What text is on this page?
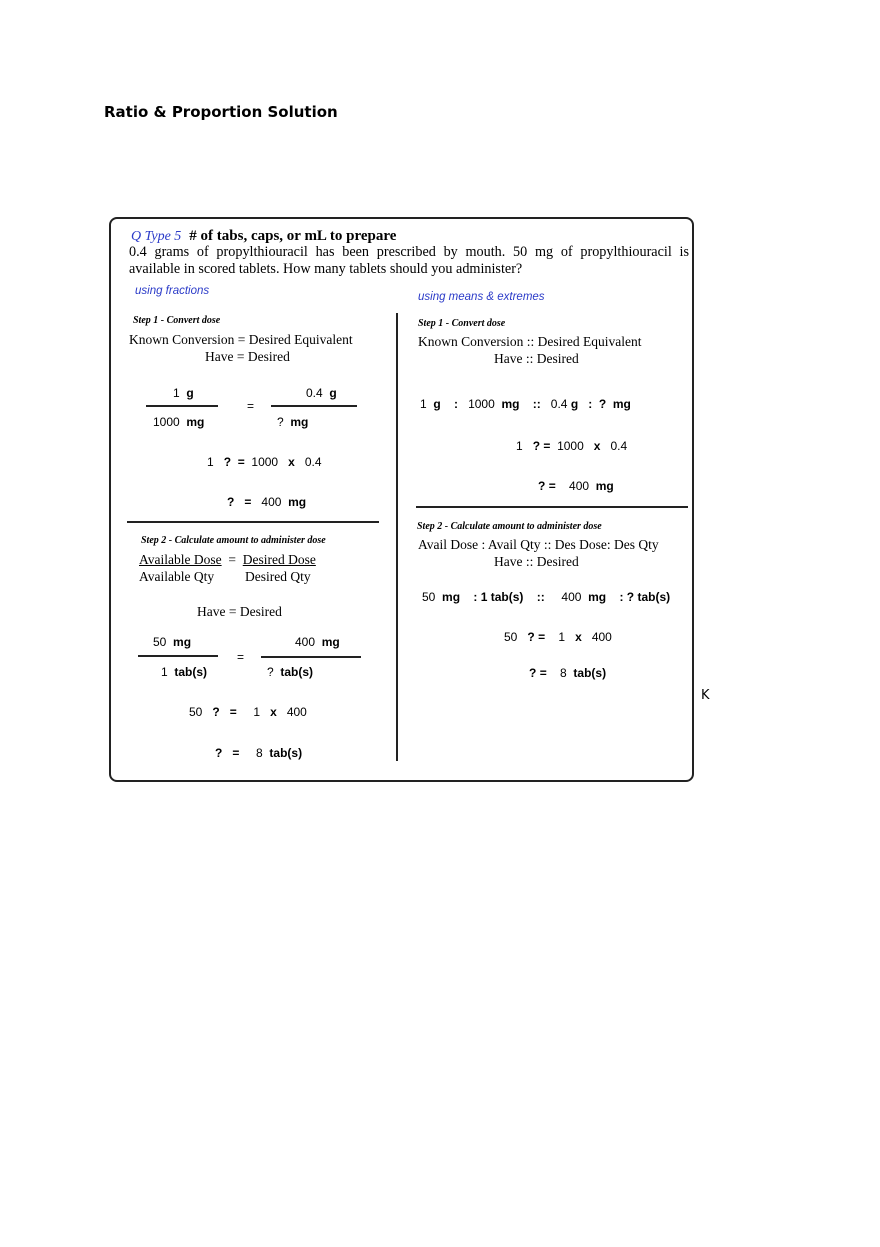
Ratio & Proportion Solution
Q Type 5 # of tabs, caps, or mL to prepare
0.4 grams of propylthiouracil has been prescribed by mouth. 50 mg of propylthiouracil is available in scored tablets. How many tablets should you administer?
using fractions
Step 1 - Convert dose
Known Conversion = Desired Equivalent
Have = Desired
1 g
1000 mg
=
0.4 g
? mg
1 ? = 1000 x 0.4
? = 400 mg
Step 2 - Calculate amount to administer dose
Available Dose = Desired Dose
Available Qty Desired Qty
Have = Desired
50 mg
1 tab(s)
=
400 mg
? tab(s)
50 ? = 1 x 400
? = 8 tab(s)
using means & extremes
Step 1 - Convert dose
Known Conversion :: Desired Equivalent
Have :: Desired
1 g : 1000 mg :: 0.4 g : ? mg
1 ? = 1000 x 0.4
? = 400 mg
Step 2 - Calculate amount to administer dose
Avail Dose : Avail Qty :: Des Dose: Des Qty
Have :: Desired
50 mg : 1 tab(s) :: 400 mg : ? tab(s)
50 ? = 1 x 400
? = 8 tab(s)
K
